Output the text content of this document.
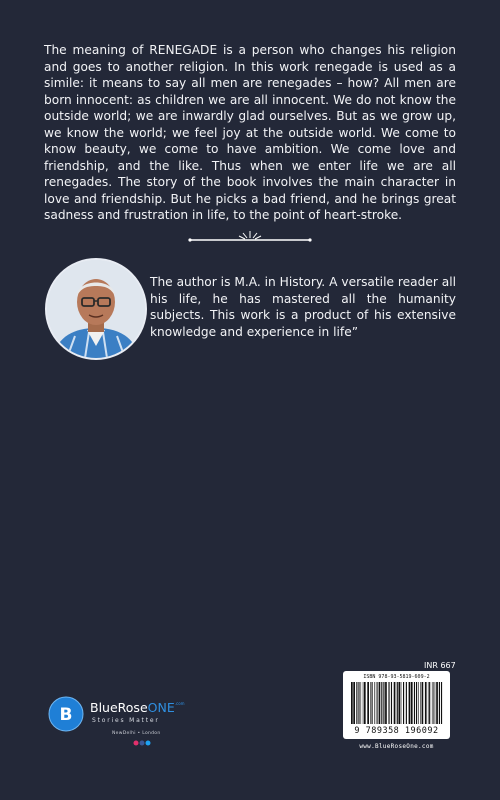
The meaning of RENEGADE is a person who changes his religion and goes to another religion. In this work renegade is used as a simile: it means to say all men are renegades – how? All men are born innocent: as children we are all innocent. We do not know the outside world; we are inwardly glad ourselves. But as we grow up, we know the world; we feel joy at the outside world. We come to know beauty, we come to have ambition. We come love and friendship, and the like. Thus when we enter life we are all renegades. The story of the book involves the main character in love and friendship. But he picks a bad friend, and he brings great sadness and frustration in life, to the point of heart-stroke.

The author is M.A. in History. A versatile reader all his life, he has mastered all the humanity subjects. This work is a product of his extensive knowledge and experience in life”

INR 667
ISBN 978-93-5819-609-2
9 789358 196092
www.BlueRoseOne.com
B BlueRoseONE$^{.com}$
Stories Matter
NewDelhi • London
